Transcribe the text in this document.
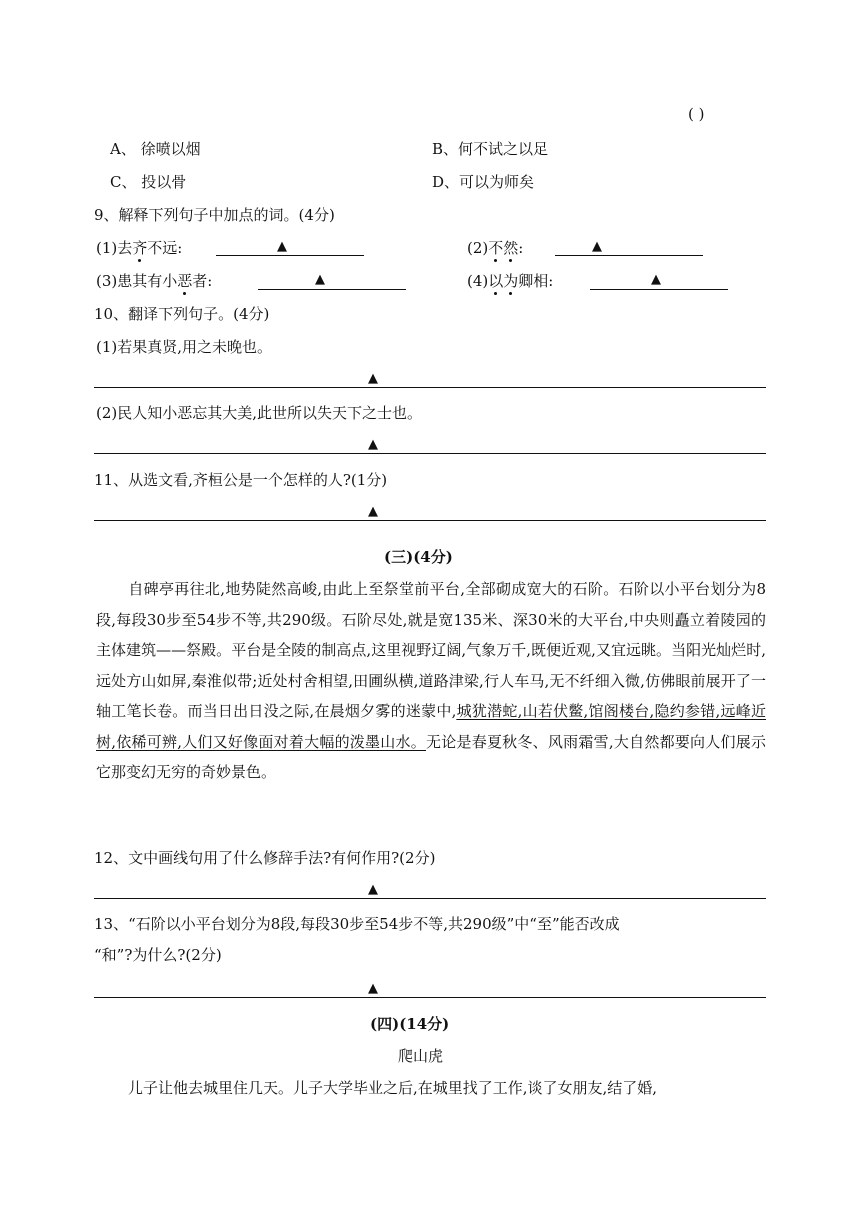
( )
A、 徐喷以烟	B、何不试之以足
C、 投以骨	D、可以为师矣
9、解释下列句子中加点的词。(4分)
(1)去齐不远:	▲	(2)不然:	▲
(3)患其有小恶者:	▲	(4)以为卿相:	▲
10、翻译下列句子。(4分)
(1)若果真贤,用之未晚也。
▲
(2)民人知小恶忘其大美,此世所以失天下之士也。
▲
11、从选文看,齐桓公是一个怎样的人?(1分)
▲
(三)(4分)
自碑亭再往北,地势陡然高峻,由此上至祭堂前平台,全部砌成宽大的石阶。石阶以小平台划分为8段,每段30步至54步不等,共290级。石阶尽处,就是宽135米、深30米的大平台,中央则矗立着陵园的主体建筑——祭殿。平台是全陵的制高点,这里视野辽阔,气象万千,既便近观,又宜远眺。当阳光灿烂时,远处方山如屏,秦淮似带;近处村舍相望,田圃纵横,道路津梁,行人车马,无不纤细入微,仿佛眼前展开了一轴工笔长卷。而当日出日没之际,在晨烟夕雾的迷蒙中,城犹潜蛇,山若伏鳖,馆阁楼台,隐约参错,远峰近树,依稀可辨,人们又好像面对着大幅的泼墨山水。无论是春夏秋冬、风雨霜雪,大自然都要向人们展示它那变幻无穷的奇妙景色。
12、文中画线句用了什么修辞手法?有何作用?(2分)
▲
13、“石阶以小平台划分为8段,每段30步至54步不等,共290级”中“至”能否改成
“和”?为什么?(2分)
▲
(四)(14分)
爬山虎
儿子让他去城里住几天。儿子大学毕业之后,在城里找了工作,谈了女朋友,结了婚,
